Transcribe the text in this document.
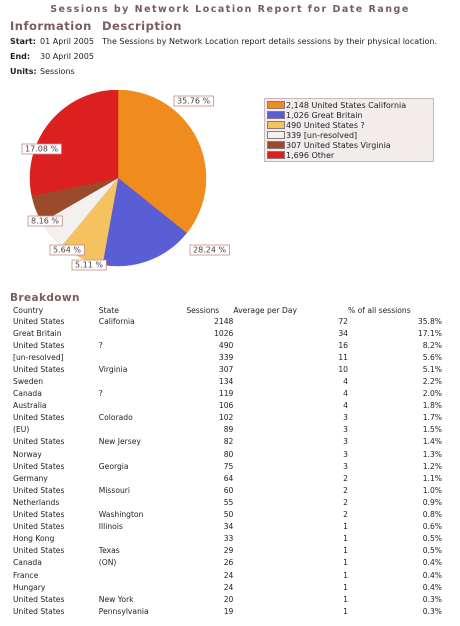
Sessions by Network Location Report for Date Range
Information Description
Start: 01 April 2005
End: 30 April 2005
Units: Sessions
The Sessions by Network Location report details sessions by their physical location.
35.76 %
17.08 %
8.16 %
5.64 %
5.11 %
28.24 %
2,148 United States California
1,026 Great Britain
490 United States ?
339 [un-resolved]
307 United States Virginia
1,696 Other
Breakdown
Country	State	Sessions	Average per Day	% of all sessions
United States	California	2148	72	35.8%
Great Britain		1026	34	17.1%
United States	?	490	16	8.2%
[un-resolved]		339	11	5.6%
United States	Virginia	307	10	5.1%
Sweden		134	4	2.2%
Canada	?	119	4	2.0%
Australia		106	4	1.8%
United States	Colorado	102	3	1.7%
(EU)		89	3	1.5%
United States	New Jersey	82	3	1.4%
Norway		80	3	1.3%
United States	Georgia	75	3	1.2%
Germany		64	2	1.1%
United States	Missouri	60	2	1.0%
Netherlands		55	2	0.9%
United States	Washington	50	2	0.8%
United States	Illinois	34	1	0.6%
Hong Kong		33	1	0.5%
United States	Texas	29	1	0.5%
Canada	(ON)	26	1	0.4%
France		24	1	0.4%
Hungary		24	1	0.4%
United States	New York	20	1	0.3%
United States	Pennsylvania	19	1	0.3%
